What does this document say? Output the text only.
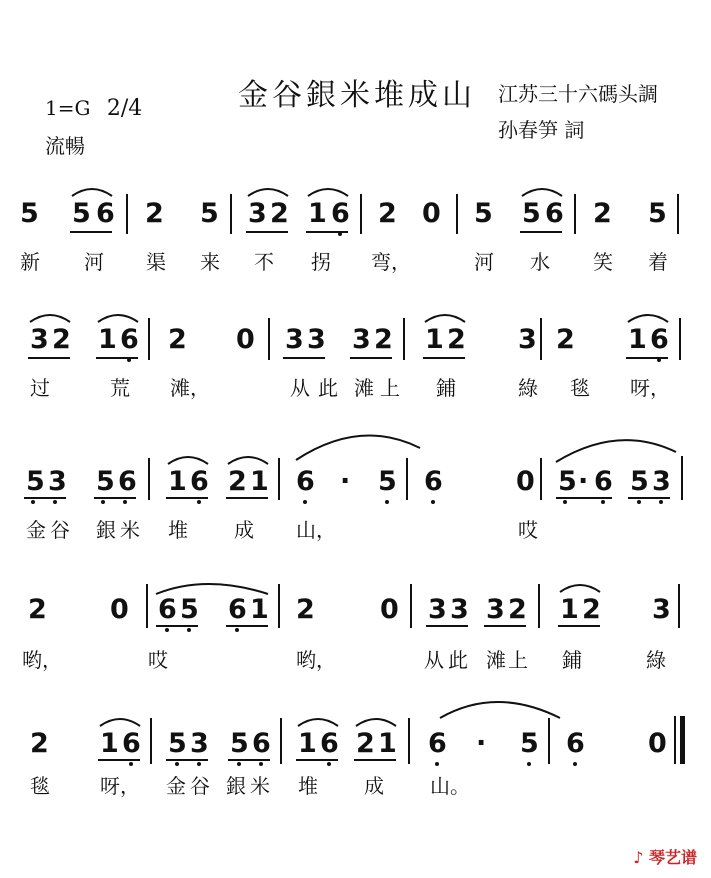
金谷銀米堆成山
1=G 2/4
流暢
江苏三十六碼头調
孙春笋 詞
5 5 6 2 5 3 2 1 6 2 0 5 5 6 2 5
新 河 渠 来 不 拐 弯，	河 水 笑 着
3 2 1 6 2 0 3 3 3 2 1 2 3 2 1 6
过	荒 滩，	从 此 滩 上 鋪	綠 毯 呀，
5 3 5 6 1 6 2 1 6 · 5 6	0 5 · 6 5 3
金 谷 銀 米 堆 成 山，	哎
2 0 6 5 6 1 2 0 3 3 3 2 1 2 3
哟，	哎	哟，	从 此 滩 上 鋪	綠
2 1 6 5 3 5 6 1 6 2 1 6 · 5 6 0
毯	呀， 金 谷 銀 米 堆 成 山。
♪ 琴艺谱
